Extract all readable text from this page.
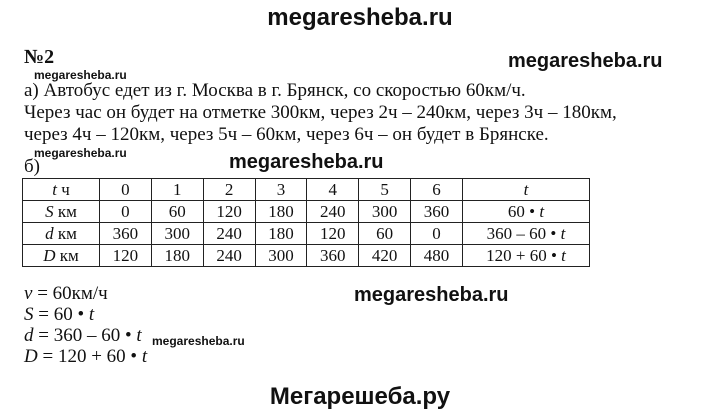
megaresheba.ru
megaresheba.ru
№2
megaresheba.ru
а) Автобус едет из г. Москва в г. Брянск, со скоростью 60км/ч.
Через час он будет на отметке 300км, через 2ч – 240км, через 3ч – 180км,
через 4ч – 120км, через 5ч – 60км, через 6ч – он будет в Брянске.
megaresheba.ru	megaresheba.ru
б)
t ч	0	1	2	3	4	5	6	t
S км	0	60	120	180	240	300	360	60 • t
d км	360	300	240	180	120	60	0	360 – 60 • t
D км	120	180	240	300	360	420	480	120 + 60 • t
v = 60км/ч
S = 60 • t
d = 360 – 60 • t
D = 120 + 60 • t
megaresheba.ru
megaresheba.ru
Мегарешеба.ру
